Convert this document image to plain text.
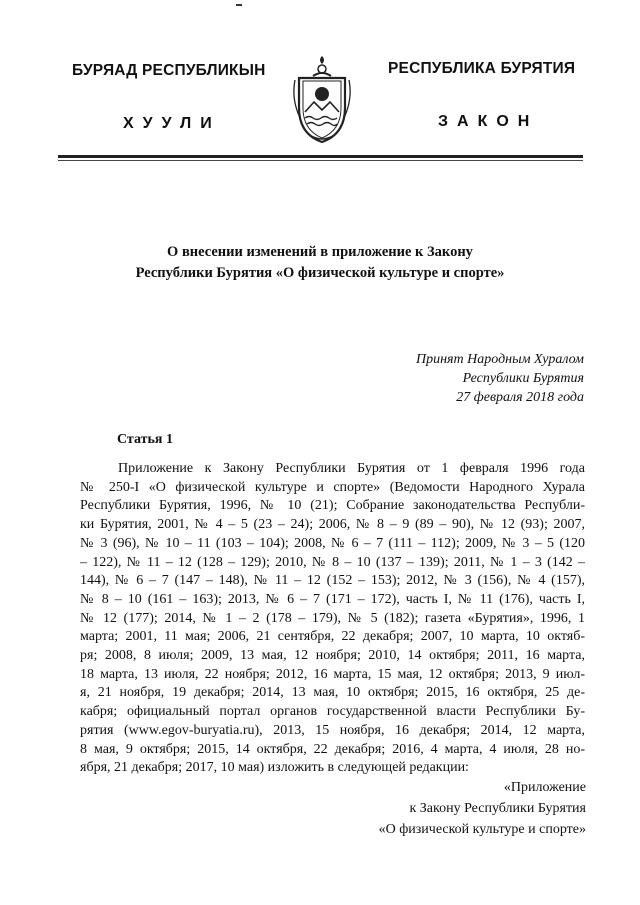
БУРЯАД РЕСПУБЛИКЫН	РЕСПУБЛИКА БУРЯТИЯ
ХУУЛИ	ЗАКОН
О внесении изменений в приложение к Закону
Республики Бурятия «О физической культуре и спорте»
Принят Народным Хуралом
Республики Бурятия
27 февраля 2018 года
Статья 1
Приложение к Закону Республики Бурятия от 1 февраля 1996 года
№ 250-I «О физической культуре и спорте» (Ведомости Народного Хурала
Республики Бурятия, 1996, № 10 (21); Собрание законодательства Республи-
ки Бурятия, 2001, № 4 – 5 (23 – 24); 2006, № 8 – 9 (89 – 90), № 12 (93); 2007,
№ 3 (96), № 10 – 11 (103 – 104); 2008, № 6 – 7 (111 – 112); 2009, № 3 – 5 (120
– 122), № 11 – 12 (128 – 129); 2010, № 8 – 10 (137 – 139); 2011, № 1 – 3 (142 –
144), № 6 – 7 (147 – 148), № 11 – 12 (152 – 153); 2012, № 3 (156), № 4 (157),
№ 8 – 10 (161 – 163); 2013, № 6 – 7 (171 – 172), часть I, № 11 (176), часть I,
№ 12 (177); 2014, № 1 – 2 (178 – 179), № 5 (182); газета «Бурятия», 1996, 1
марта; 2001, 11 мая; 2006, 21 сентября, 22 декабря; 2007, 10 марта, 10 октяб-
ря; 2008, 8 июля; 2009, 13 мая, 12 ноября; 2010, 14 октября; 2011, 16 марта,
18 марта, 13 июля, 22 ноября; 2012, 16 марта, 15 мая, 12 октября; 2013, 9 июл-
я, 21 ноября, 19 декабря; 2014, 13 мая, 10 октября; 2015, 16 октября, 25 де-
кабря; официальный портал органов государственной власти Республики Бу-
рятия (www.egov-buryatia.ru), 2013, 15 ноября, 16 декабря; 2014, 12 марта,
8 мая, 9 октября; 2015, 14 октября, 22 декабря; 2016, 4 марта, 4 июля, 28 но-
ября, 21 декабря; 2017, 10 мая) изложить в следующей редакции:
«Приложение
к Закону Республики Бурятия
«О физической культуре и спорте»
